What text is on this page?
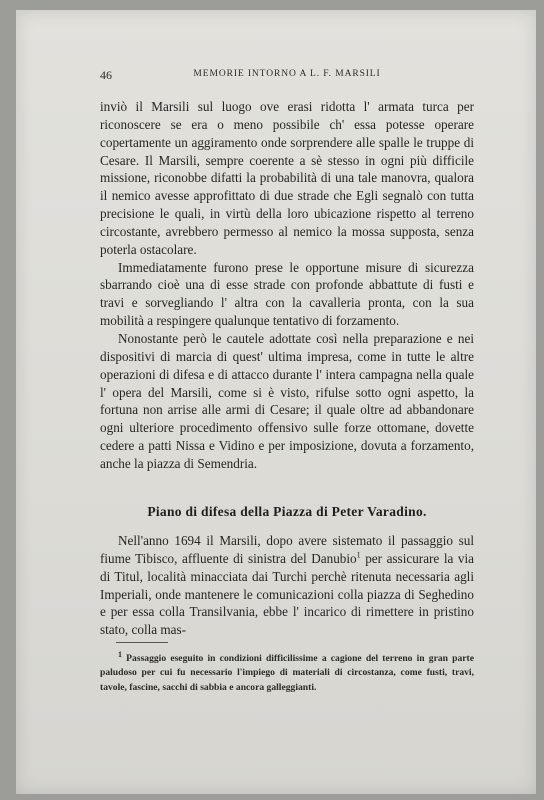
46	MEMORIE INTORNO A L. F. MARSILI

inviò il Marsili sul luogo ove erasi ridotta l' armata turca per riconoscere se era o meno possibile ch' essa potesse operare copertamente un aggiramento onde sorprendere alle spalle le truppe di Cesare. Il Marsili, sempre coerente a sè stesso in ogni più difficile missione, riconobbe difatti la probabilità di una tale manovra, qualora il nemico avesse approfittato di due strade che Egli segnalò con tutta precisione le quali, in virtù della loro ubicazione rispetto al terreno circostante, avrebbero permesso al nemico la mossa supposta, senza poterla ostacolare.

Immediatamente furono prese le opportune misure di sicurezza sbarrando cioè una di esse strade con profonde abbattute di fusti e travi e sorvegliando l' altra con la cavalleria pronta, con la sua mobilità a respingere qualunque tentativo di forzamento.

Nonostante però le cautele adottate così nella preparazione e nei dispositivi di marcia di quest' ultima impresa, come in tutte le altre operazioni di difesa e di attacco durante l' intera campagna nella quale l' opera del Marsili, come si è visto, rifulse sotto ogni aspetto, la fortuna non arrise alle armi di Cesare; il quale oltre ad abbandonare ogni ulteriore procedimento offensivo sulle forze ottomane, dovette cedere a patti Nissa e Vidino e per imposizione, dovuta a forzamento, anche la piazza di Semendria.

Piano di difesa della Piazza di Peter Varadino.

Nell'anno 1694 il Marsili, dopo avere sistemato il passaggio sul fiume Tibisco, affluente di sinistra del Danubio$^1$ per assicurare la via di Titul, località minacciata dai Turchi perchè ritenuta necessaria agli Imperiali, onde mantenere le comunicazioni colla piazza di Seghedino e per essa colla Transilvania, ebbe l' incarico di rimettere in pristino stato, colla mas-

$^1$ Passaggio eseguito in condizioni difficilissime a cagione del terreno in gran parte paludoso per cui fu necessario l'impiego di materiali di circostanza, come fusti, travi, tavole, fascine, sacchi di sabbia e ancora galleggianti.
